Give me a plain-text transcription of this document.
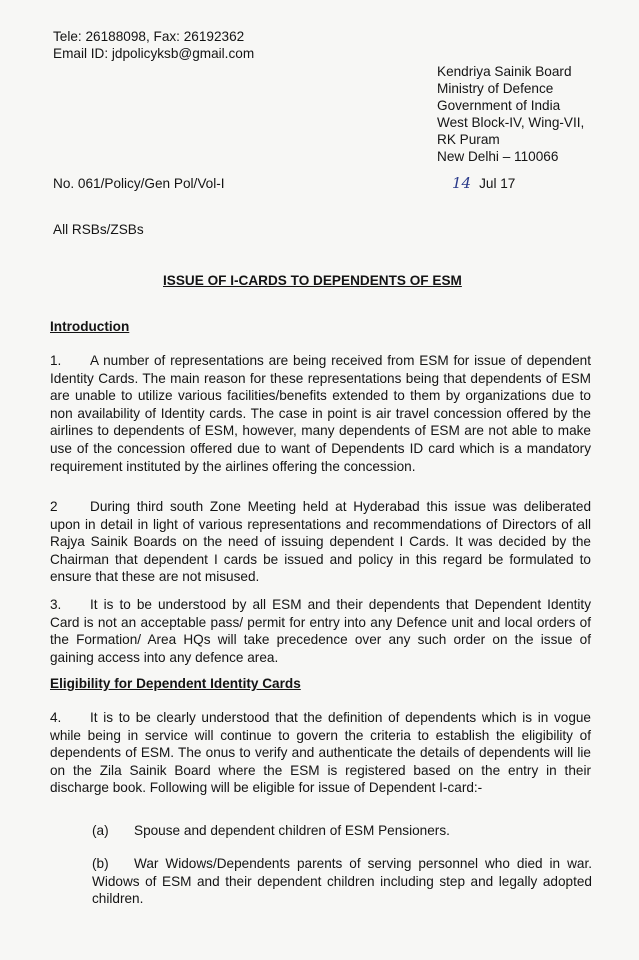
Tele: 26188098, Fax: 26192362
Email ID: jdpolicyksb@gmail.com
Kendriya Sainik Board
Ministry of Defence
Government of India
West Block-IV, Wing-VII,
RK Puram
New Delhi – 110066
No. 061/Policy/Gen Pol/Vol-I	14 Jul 17
All RSBs/ZSBs
ISSUE OF I-CARDS TO DEPENDENTS OF ESM
Introduction
1. A number of representations are being received from ESM for issue of dependent Identity Cards. The main reason for these representations being that dependents of ESM are unable to utilize various facilities/benefits extended to them by organizations due to non availability of Identity cards. The case in point is air travel concession offered by the airlines to dependents of ESM, however, many dependents of ESM are not able to make use of the concession offered due to want of Dependents ID card which is a mandatory requirement instituted by the airlines offering the concession.
2 During third south Zone Meeting held at Hyderabad this issue was deliberated upon in detail in light of various representations and recommendations of Directors of all Rajya Sainik Boards on the need of issuing dependent I Cards. It was decided by the Chairman that dependent I cards be issued and policy in this regard be formulated to ensure that these are not misused.
3. It is to be understood by all ESM and their dependents that Dependent Identity Card is not an acceptable pass/ permit for entry into any Defence unit and local orders of the Formation/ Area HQs will take precedence over any such order on the issue of gaining access into any defence area.
Eligibility for Dependent Identity Cards
4. It is to be clearly understood that the definition of dependents which is in vogue while being in service will continue to govern the criteria to establish the eligibility of dependents of ESM. The onus to verify and authenticate the details of dependents will lie on the Zila Sainik Board where the ESM is registered based on the entry in their discharge book. Following will be eligible for issue of Dependent I-card:-
(a) Spouse and dependent children of ESM Pensioners.
(b) War Widows/Dependents parents of serving personnel who died in war. Widows of ESM and their dependent children including step and legally adopted children.
